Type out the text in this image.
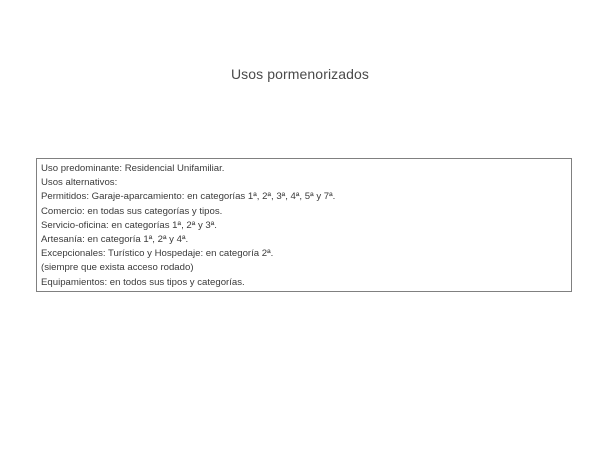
Usos pormenorizados
Uso predominante: Residencial Unifamiliar.
Usos alternativos:
Permitidos: Garaje-aparcamiento: en categorías 1ª, 2ª, 3ª, 4ª, 5ª y 7ª.
Comercio: en todas sus categorías y tipos.
Servicio-oficina: en categorías 1ª, 2ª y 3ª.
Artesanía: en categoría 1ª, 2ª y 4ª.
Excepcionales: Turístico y Hospedaje: en categoría 2ª.
(siempre que exista acceso rodado)
Equipamientos: en todos sus tipos y categorías.
